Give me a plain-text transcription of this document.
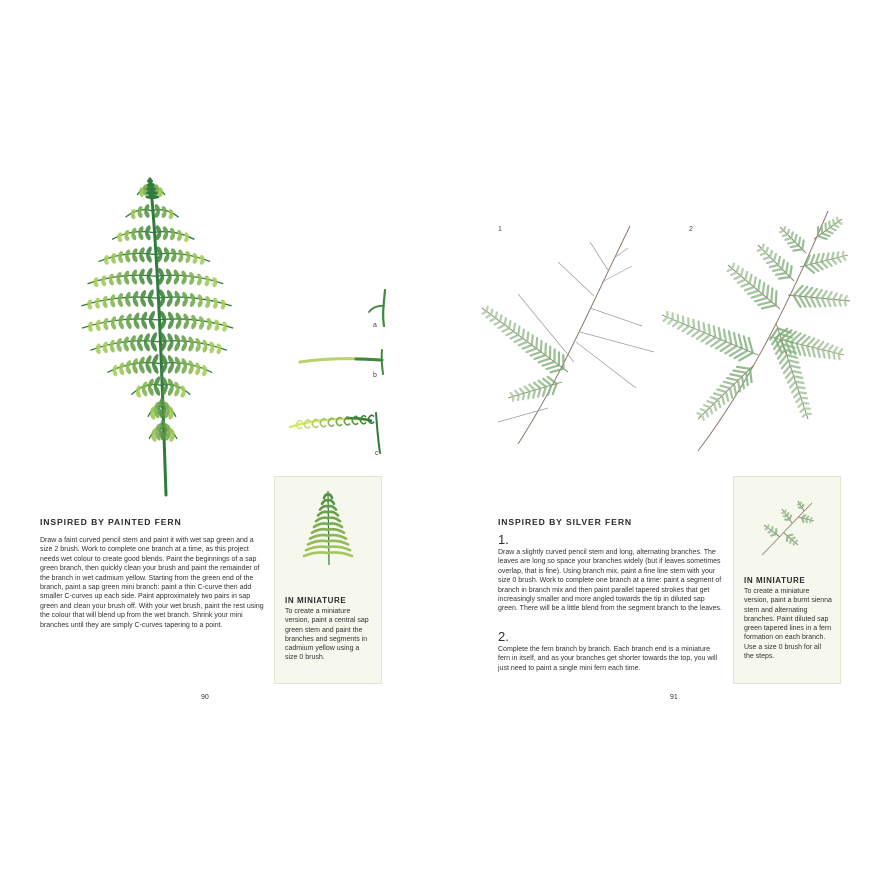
a
b
c
INSPIRED BY PAINTED FERN
Draw a faint curved pencil stem and paint it with wet sap green and a size 2 brush. Work to complete one branch at a time, as this project needs wet colour to create good blends. Paint the beginnings of a sap green branch, then quickly clean your brush and paint the remainder of the branch in wet cadmium yellow. Starting from the green end of the branch, paint a sap green mini branch: paint a thin C-curve then add smaller C-curves up each side. Paint approximately two pairs in sap green and clean your brush off. With your wet brush, paint the rest using the colour that will blend up from the wet branch. Shrink your mini branches until they are simply C-curves tapering to a point.
IN MINIATURE
To create a miniature version, paint a central sap green stem and paint the branches and segments in cadmium yellow using a size 0 brush.
90
1	2
INSPIRED BY SILVER FERN
1.
Draw a slightly curved pencil stem and long, alternating branches. The leaves are long so space your branches widely (but if leaves sometimes overlap, that is fine). Using branch mix, paint a fine line stem with your size 0 brush. Work to complete one branch at a time: paint a segment of branch in branch mix and then paint parallel tapered strokes that get increasingly smaller and more angled towards the tip in diluted sap green. There will be a little blend from the segment branch to the leaves.
2.
Complete the fern branch by branch. Each branch end is a miniature fern in itself, and as your branches get shorter towards the top, you will just need to paint a single mini fern each time.
IN MINIATURE
To create a miniature version, paint a burnt sienna stem and alternating branches. Paint diluted sap green tapered lines in a fern formation on each branch. Use a size 0 brush for all the steps.
91
